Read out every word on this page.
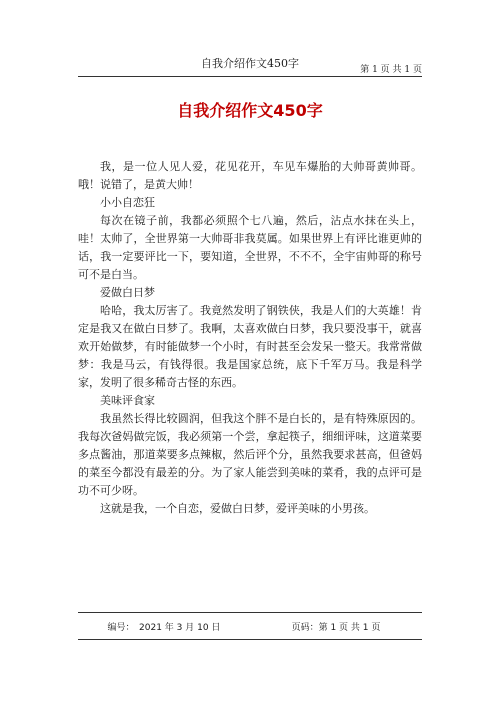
自我介绍作文450字	第 1 页 共 1 页
自我介绍作文450字

我，是一位人见人爱，花见花开，车见车爆胎的大帅哥黄帅哥。哦！说错了，是黄大帅！

小小自恋狂

每次在镜子前，我都必须照个七八遍，然后，沾点水抹在头上，哇！太帅了，全世界第一大帅哥非我莫属。如果世界上有评比谁更帅的话，我一定要评比一下，要知道，全世界，不不不，全宇宙帅哥的称号可不是白当。

爱做白日梦

哈哈，我太厉害了。我竟然发明了钢铁侠，我是人们的大英雄！肯定是我又在做白日梦了。我啊，太喜欢做白日梦，我只要没事干，就喜欢开始做梦，有时能做梦一个小时，有时甚至会发呆一整天。我常常做梦：我是马云，有钱得很。我是国家总统，底下千军万马。我是科学家，发明了很多稀奇古怪的东西。

美味评食家

我虽然长得比较圆润，但我这个胖不是白长的，是有特殊原因的。我每次爸妈做完饭，我必须第一个尝，拿起筷子，细细评味，这道菜要多点酱油，那道菜要多点辣椒，然后评个分，虽然我要求甚高，但爸妈的菜至今都没有最差的分。为了家人能尝到美味的菜肴，我的点评可是功不可少呀。

这就是我，一个自恋，爱做白日梦，爱评美味的小男孩。

编号：　2021 年 3 月 10 日	页码：第 1 页 共 1 页
